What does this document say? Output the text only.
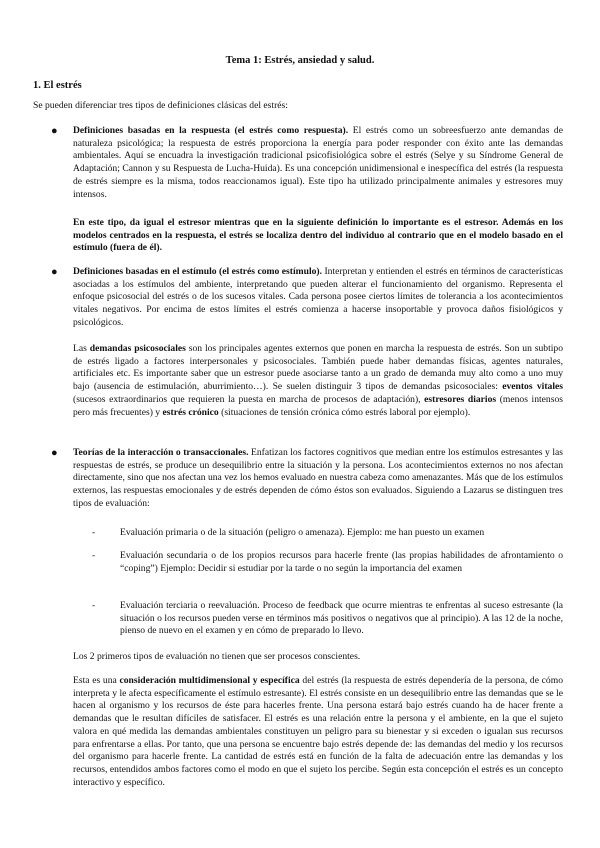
Tema 1: Estrés, ansiedad y salud.
1. El estrés
Se pueden diferenciar tres tipos de definiciones clásicas del estrés:
● Definiciones basadas en la respuesta (el estrés como respuesta). El estrés como un sobreesfuerzo ante demandas de naturaleza psicológica; la respuesta de estrés proporciona la energía para poder responder con éxito ante las demandas ambientales. Aquí se encuadra la investigación tradicional psicofisiológica sobre el estrés (Selye y su Síndrome General de Adaptación; Cannon y su Respuesta de Lucha-Huida). Es una concepción unidimensional e inespecífica del estrés (la respuesta de estrés siempre es la misma, todos reaccionamos igual). Este tipo ha utilizado principalmente animales y estresores muy intensos.
En este tipo, da igual el estresor mientras que en la siguiente definición lo importante es el estresor. Además en los modelos centrados en la respuesta, el estrés se localiza dentro del individuo al contrario que en el modelo basado en el estímulo (fuera de él).
● Definiciones basadas en el estímulo (el estrés como estímulo). Interpretan y entienden el estrés en términos de características asociadas a los estímulos del ambiente, interpretando que pueden alterar el funcionamiento del organismo. Representa el enfoque psicosocial del estrés o de los sucesos vitales. Cada persona posee ciertos límites de tolerancia a los acontecimientos vitales negativos. Por encima de estos límites el estrés comienza a hacerse insoportable y provoca daños fisiológicos y psicológicos.
Las demandas psicosociales son los principales agentes externos que ponen en marcha la respuesta de estrés. Son un subtipo de estrés ligado a factores interpersonales y psicosociales. También puede haber demandas físicas, agentes naturales, artificiales etc. Es importante saber que un estresor puede asociarse tanto a un grado de demanda muy alto como a uno muy bajo (ausencia de estimulación, aburrimiento…). Se suelen distinguir 3 tipos de demandas psicosociales: eventos vitales (sucesos extraordinarios que requieren la puesta en marcha de procesos de adaptación), estresores diarios (menos intensos pero más frecuentes) y estrés crónico (situaciones de tensión crónica cómo estrés laboral por ejemplo).
● Teorías de la interacción o transaccionales. Enfatizan los factores cognitivos que median entre los estímulos estresantes y las respuestas de estrés, se produce un desequilibrio entre la situación y la persona. Los acontecimientos externos no nos afectan directamente, sino que nos afectan una vez los hemos evaluado en nuestra cabeza como amenazantes. Más que de los estímulos externos, las respuestas emocionales y de estrés dependen de cómo éstos son evaluados. Siguiendo a Lazarus se distinguen tres tipos de evaluación:
-	Evaluación primaria o de la situación (peligro o amenaza). Ejemplo: me han puesto un examen
-	Evaluación secundaria o de los propios recursos para hacerle frente (las propias habilidades de afrontamiento o “coping”) Ejemplo: Decidir si estudiar por la tarde o no según la importancia del examen
-	Evaluación terciaria o reevaluación. Proceso de feedback que ocurre mientras te enfrentas al suceso estresante (la situación o los recursos pueden verse en términos más positivos o negativos que al principio). A las 12 de la noche, pienso de nuevo en el examen y en cómo de preparado lo llevo.
Los 2 primeros tipos de evaluación no tienen que ser procesos conscientes.
Esta es una consideración multidimensional y específica del estrés (la respuesta de estrés dependería de la persona, de cómo interpreta y le afecta específicamente el estímulo estresante). El estrés consiste en un desequilibrio entre las demandas que se le hacen al organismo y los recursos de éste para hacerles frente. Una persona estará bajo estrés cuando ha de hacer frente a demandas que le resultan difíciles de satisfacer. El estrés es una relación entre la persona y el ambiente, en la que el sujeto valora en qué medida las demandas ambientales constituyen un peligro para su bienestar y si exceden o igualan sus recursos para enfrentarse a ellas. Por tanto, que una persona se encuentre bajo estrés depende de: las demandas del medio y los recursos del organismo para hacerle frente. La cantidad de estrés está en función de la falta de adecuación entre las demandas y los recursos, entendidos ambos factores como el modo en que el sujeto los percibe. Según esta concepción el estrés es un concepto interactivo y específico.
